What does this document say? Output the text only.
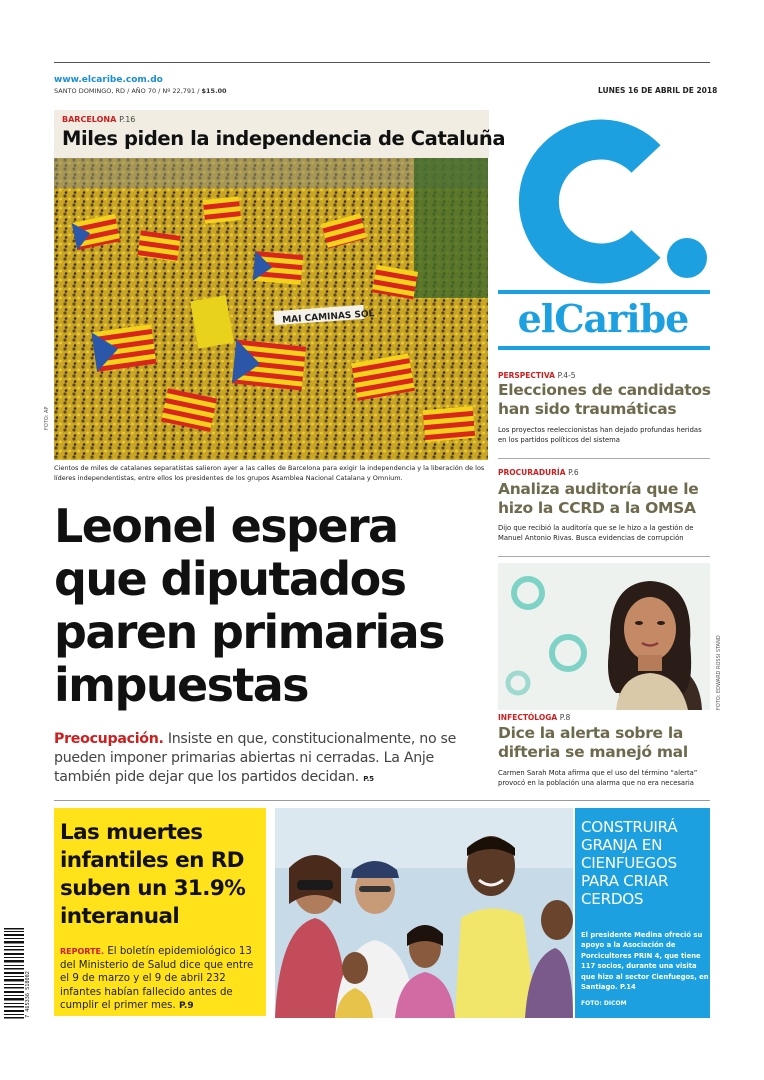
www.elcaribe.com.do
SANTO DOMINGO, RD / AÑO 70 / Nº 22,791 / $15.00	LUNES 16 DE ABRIL DE 2018
BARCELONA P.16
Miles piden la independencia de Cataluña
MAI CAMINAS SOL
FOTO: AP
Cientos de miles de catalanes separatistas salieron ayer a las calles de Barcelona para exigir la independencia y la liberación de los líderes independentistas, entre ellos los presidentes de los grupos Asamblea Nacional Catalana y Omnium.
elCaribe
PERSPECTIVA P.4-5
Elecciones de candidatos han sido traumáticas
Los proyectos reeleccionistas han dejado profundas heridas en los partidos políticos del sistema
PROCURADURÍA P.6
Analiza auditoría que le hizo la CCRD a la OMSA
Dijo que recibió la auditoría que se le hizo a la gestión de Manuel Antonio Rivas. Busca evidencias de corrupción
FOTO: EDWARD ROSSI STAND
INFECTÓLOGA P.8
Dice la alerta sobre la difteria se manejó mal
Carmen Sarah Mota afirma que el uso del término “alerta” provocó en la población una alarma que no era necesaria
Leonel espera que diputados paren primarias impuestas
Preocupación. Insiste en que, constitucionalmente, no se pueden imponer primarias abiertas ni cerradas. La Anje también pide dejar que los partidos decidan. P.5
Las muertes infantiles en RD suben un 31.9% interanual
REPORTE. El boletín epidemiológico 13 del Ministerio de Salud dice que entre el 9 de marzo y el 9 de abril 232 infantes habían fallecido antes de cumplir el primer mes. P.9
7 465336 518002
CONSTRUIRÁ GRANJA EN CIENFUEGOS PARA CRIAR CERDOS
El presidente Medina ofreció su apoyo a la Asociación de Porcicultores PRIN 4, que tiene 117 socios, durante una visita que hizo al sector Cienfuegos, en Santiago. P.14
FOTO: DICOM
